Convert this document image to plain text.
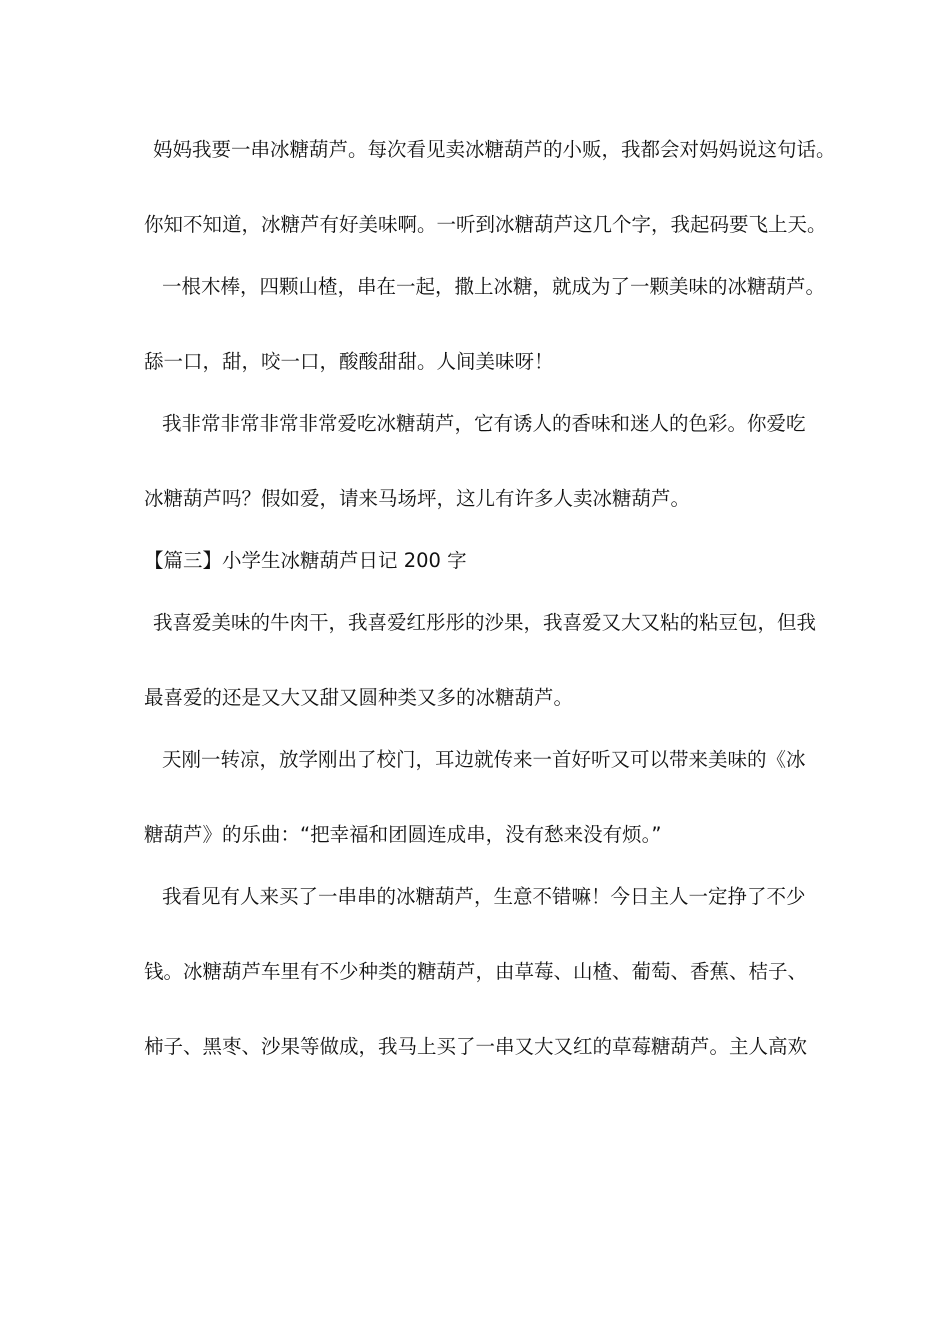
妈妈我要一串冰糖葫芦。每次看见卖冰糖葫芦的小贩，我都会对妈妈说这句话。
你知不知道，冰糖芦有好美味啊。一听到冰糖葫芦这几个字，我起码要飞上天。
一根木棒，四颗山楂，串在一起，撒上冰糖，就成为了一颗美味的冰糖葫芦。
舔一口，甜，咬一口，酸酸甜甜。人间美味呀！
我非常非常非常非常爱吃冰糖葫芦，它有诱人的香味和迷人的色彩。你爱吃
冰糖葫芦吗？假如爱，请来马场坪，这儿有许多人卖冰糖葫芦。
【篇三】小学生冰糖葫芦日记 200 字
我喜爱美味的牛肉干，我喜爱红彤彤的沙果，我喜爱又大又粘的粘豆包，但我
最喜爱的还是又大又甜又圆种类又多的冰糖葫芦。
天刚一转凉，放学刚出了校门，耳边就传来一首好听又可以带来美味的《冰
糖葫芦》的乐曲：“把幸福和团圆连成串，没有愁来没有烦。”
我看见有人来买了一串串的冰糖葫芦，生意不错嘛！今日主人一定挣了不少
钱。冰糖葫芦车里有不少种类的糖葫芦，由草莓、山楂、葡萄、香蕉、桔子、
柿子、黑枣、沙果等做成，我马上买了一串又大又红的草莓糖葫芦。主人高欢
